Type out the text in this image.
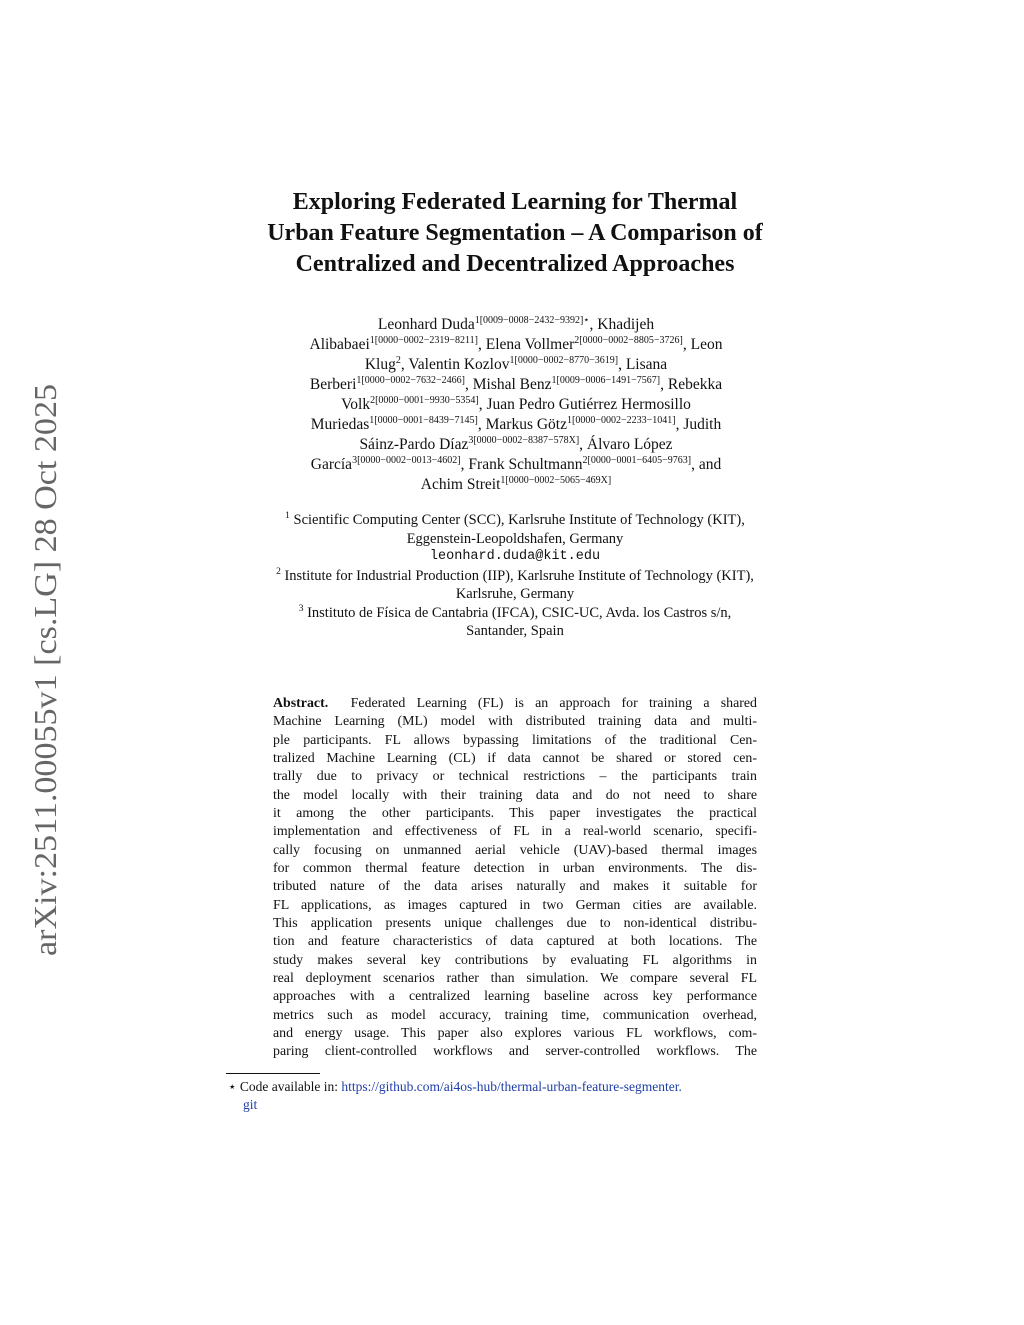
arXiv:2511.00055v1 [cs.LG] 28 Oct 2025
Exploring Federated Learning for Thermal
Urban Feature Segmentation – A Comparison of
Centralized and Decentralized Approaches
Leonhard Duda$^{1[0009-0008-2432-9392]⋆}$, Khadijeh
Alibabaei$^{1[0000-0002-2319-8211]}$, Elena Vollmer$^{2[0000-0002-8805-3726]}$, Leon
Klug$^2$, Valentin Kozlov$^{1[0000-0002-8770-3619]}$, Lisana
Berberi$^{1[0000-0002-7632-2466]}$, Mishal Benz$^{1[0009-0006-1491-7567]}$, Rebekka
Volk$^{2[0000-0001-9930-5354]}$, Juan Pedro Gutiérrez Hermosillo
Muriedas$^{1[0000-0001-8439-7145]}$, Markus Götz$^{1[0000-0002-2233-1041]}$, Judith
Sáinz-Pardo Díaz$^{3[0000-0002-8387-578X]}$, Álvaro López
García$^{3[0000-0002-0013-4602]}$, Frank Schultmann$^{2[0000-0001-6405-9763]}$, and
Achim Streit$^{1[0000-0002-5065-469X]}$
$^1$ Scientific Computing Center (SCC), Karlsruhe Institute of Technology (KIT),
Eggenstein-Leopoldshafen, Germany
leonhard.duda@kit.edu
$^2$ Institute for Industrial Production (IIP), Karlsruhe Institute of Technology (KIT),
Karlsruhe, Germany
$^3$ Instituto de Física de Cantabria (IFCA), CSIC-UC, Avda. los Castros s/n,
Santander, Spain
Abstract. Federated Learning (FL) is an approach for training a shared
Machine Learning (ML) model with distributed training data and multi-
ple participants. FL allows bypassing limitations of the traditional Cen-
tralized Machine Learning (CL) if data cannot be shared or stored cen-
trally due to privacy or technical restrictions – the participants train
the model locally with their training data and do not need to share
it among the other participants. This paper investigates the practical
implementation and effectiveness of FL in a real-world scenario, specifi-
cally focusing on unmanned aerial vehicle (UAV)-based thermal images
for common thermal feature detection in urban environments. The dis-
tributed nature of the data arises naturally and makes it suitable for
FL applications, as images captured in two German cities are available.
This application presents unique challenges due to non-identical distribu-
tion and feature characteristics of data captured at both locations. The
study makes several key contributions by evaluating FL algorithms in
real deployment scenarios rather than simulation. We compare several FL
approaches with a centralized learning baseline across key performance
metrics such as model accuracy, training time, communication overhead,
and energy usage. This paper also explores various FL workflows, com-
paring client-controlled workflows and server-controlled workflows. The
⋆ Code available in: https://github.com/ai4os-hub/thermal-urban-feature-segmenter.
git
